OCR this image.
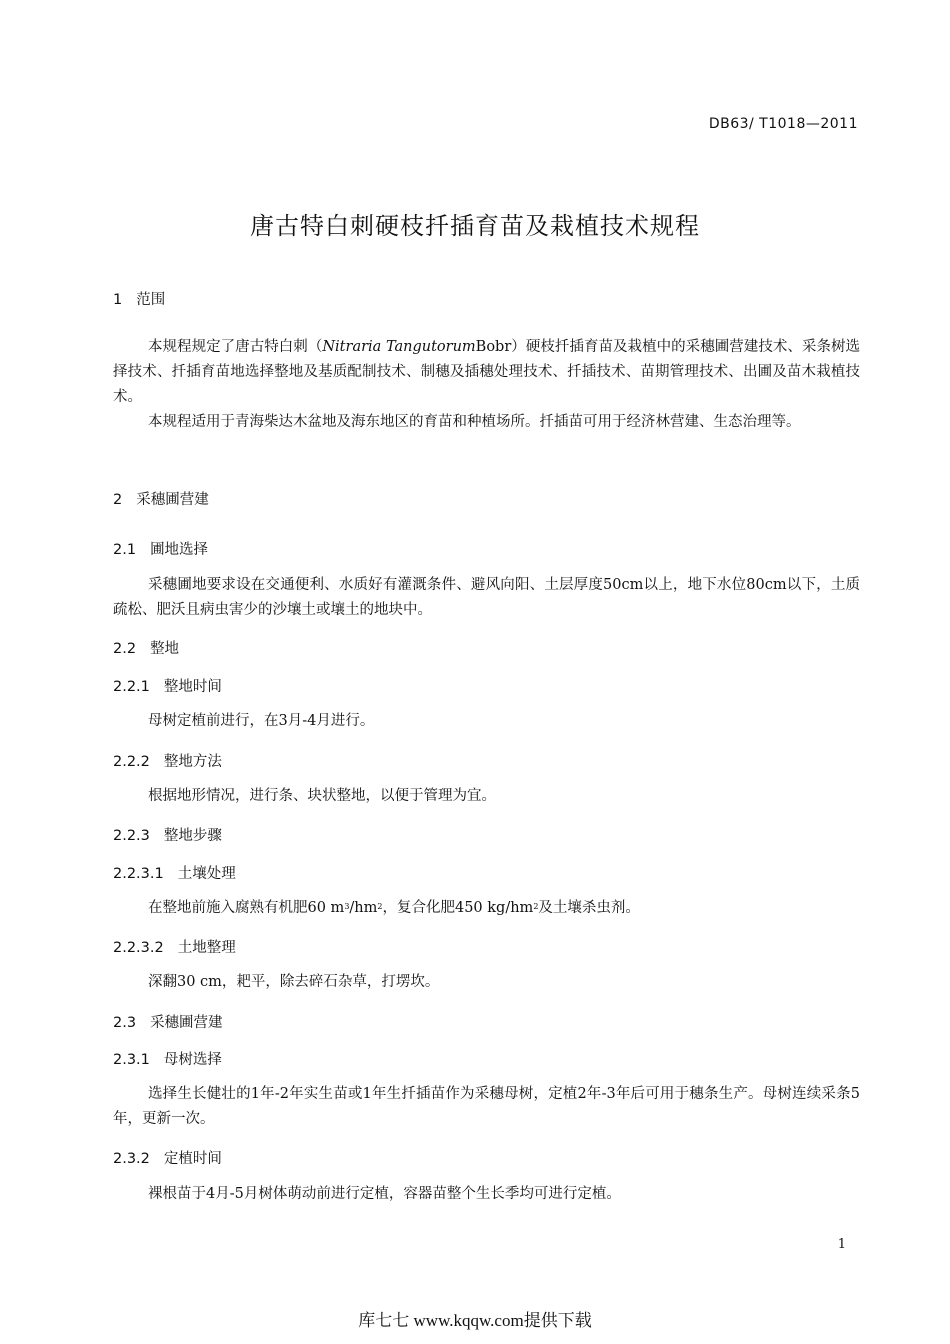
DB63/ T1018—2011
唐古特白刺硬枝扦插育苗及栽植技术规程
1 范围
本规程规定了唐古特白刺（Nitraria TangutorumBobr）硬枝扦插育苗及栽植中的采穗圃营建技术、采条树选择技术、扦插育苗地选择整地及基质配制技术、制穗及插穗处理技术、扦插技术、苗期管理技术、出圃及苗木栽植技术。
本规程适用于青海柴达木盆地及海东地区的育苗和种植场所。扦插苗可用于经济林营建、生态治理等。
2 采穗圃营建
2.1 圃地选择
采穗圃地要求设在交通便利、水质好有灌溉条件、避风向阳、土层厚度50cm以上，地下水位80cm以下，土质疏松、肥沃且病虫害少的沙壤土或壤土的地块中。
2.2 整地
2.2.1 整地时间
母树定植前进行，在3月-4月进行。
2.2.2 整地方法
根据地形情况，进行条、块状整地，以便于管理为宜。
2.2.3 整地步骤
2.2.3.1 土壤处理
在整地前施入腐熟有机肥60 $m^3/hm^2$，复合化肥450 $kg/hm^2$及土壤杀虫剂。
2.2.3.2 土地整理
深翻30 cm，耙平，除去碎石杂草，打塄坎。
2.3 采穗圃营建
2.3.1 母树选择
选择生长健壮的1年-2年实生苗或1年生扦插苗作为采穗母树，定植2年-3年后可用于穗条生产。母树连续采条5年，更新一次。
2.3.2 定植时间
裸根苗于4月-5月树体萌动前进行定植，容器苗整个生长季均可进行定植。
1
库七七 www.kqqw.com提供下载
